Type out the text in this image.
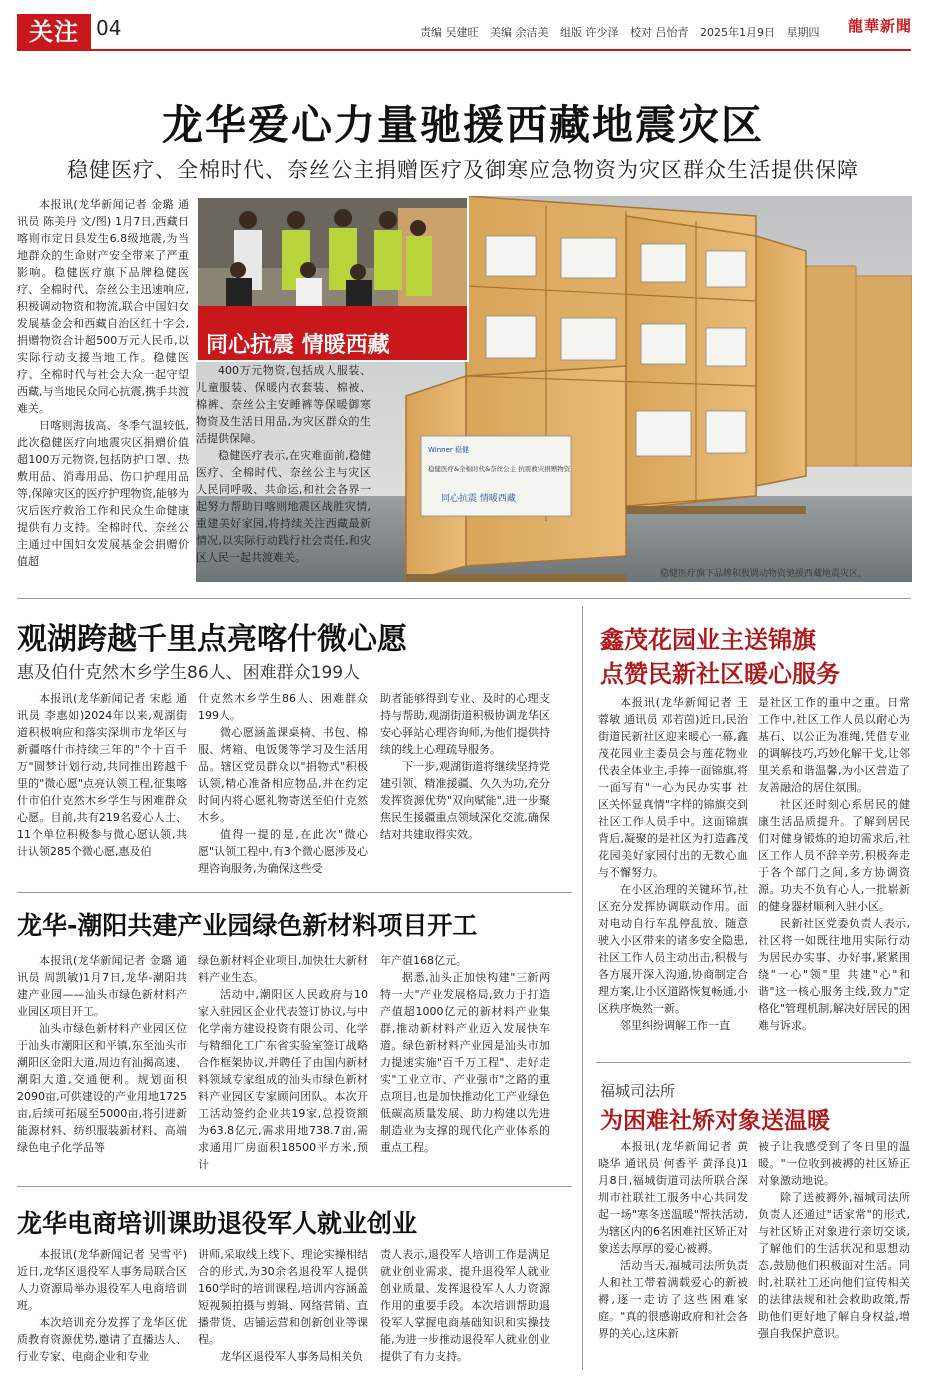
关注 04	责编 吴建旺 美编 余洁美 组版 许少泽 校对 吕怡青 2025年1月9日 星期四	龍華新聞
龙华爱心力量驰援西藏地震灾区
稳健医疗、全棉时代、奈丝公主捐赠医疗及御寒应急物资为灾区群众生活提供保障

本报讯(龙华新闻记者 金璐 通讯员 陈美丹 文/图) 1月7日,西藏日喀则市定日县发生6.8级地震,为当地群众的生命财产安全带来了严重影响。稳健医疗旗下品牌稳健医疗、全棉时代、奈丝公主迅速响应,积极调动物资和物流,联合中国妇女发展基金会和西藏自治区红十字会,捐赠物资合计超500万元人民币,以实际行动支援当地工作。稳健医疗、全棉时代与社会大众一起守望西藏,与当地民众同心抗震,携手共渡难关。

日喀则海拔高、冬季气温较低,此次稳健医疗向地震灾区捐赠价值超100万元物资,包括防护口罩、热敷用品、消毒用品、伤口护理用品等,保障灾区的医疗护理物资,能够为灾后医疗救治工作和民众生命健康提供有力支持。全棉时代、奈丝公主通过中国妇女发展基金会捐赠价值超

Winner 稳健
稳健医疗&全棉时代&奈丝公主 抗震救灾捐赠物资
同心抗震 情暖西藏
同心抗震 情暖西藏

400万元物资,包括成人服装、儿童服装、保暖内衣套装、棉被、棉裤、奈丝公主安睡裤等保暖御寒物资及生活日用品,为灾区群众的生活提供保障。

稳健医疗表示,在灾难面前,稳健医疗、全棉时代、奈丝公主与灾区人民同呼吸、共命运,和社会各界一起努力帮助日喀则地震区战胜灾情,重建美好家园,将持续关注西藏最新情况,以实际行动践行社会责任,和灾区人民一起共渡难关。

稳健医疗旗下品牌积极调动物资驰援西藏地震灾区。
观湖跨越千里点亮喀什微心愿
惠及伯什克然木乡学生86人、困难群众199人

本报讯(龙华新闻记者 宋彪 通讯员 李惠如)2024年以来,观湖街道积极响应和落实深圳市龙华区与新疆喀什市持续三年的"个十百千万"圆梦计划行动,共同推出跨越千里的"微心愿"点亮认领工程,征集喀什市伯什克然木乡学生与困难群众心愿。目前,共有219名爱心人士、11个单位积极参与微心愿认领,共计认领285个微心愿,惠及伯

什克然木乡学生86人、困难群众199人。

微心愿涵盖课桌椅、书包、棉服、烤箱、电饭煲等学习及生活用品。辖区党员群众以"捐物式"积极认领,精心准备相应物品,并在约定时间内将心愿礼物寄送至伯什克然木乡。

值得一提的是,在此次"微心愿"认领工程中,有3个微心愿涉及心理咨询服务,为确保这些受

助者能够得到专业、及时的心理支持与帮助,观湖街道积极协调龙华区安心驿站心理咨询师,为他们提供持续的线上心理疏导服务。

下一步,观湖街道将继续坚持党建引领、精准援疆、久久为功,充分发挥资源优势"双向赋能",进一步聚焦民生援疆重点领域深化交流,确保结对共建取得实效。

龙华-潮阳共建产业园绿色新材料项目开工

本报讯(龙华新闻记者 金璐 通讯员 周凯敏)1月7日,龙华-潮阳共建产业园——汕头市绿色新材料产业园区项目开工。

汕头市绿色新材料产业园区位于汕头市潮阳区和平镇,东至汕头市潮阳区金阳大道,周边有汕揭高速、潮阳大道,交通便利。规划面积2090亩,可供建设的产业用地1725亩,后续可拓展至5000亩,将引进新能源材料、纺织服装新材料、高端绿色电子化学品等

绿色新材料企业项目,加快壮大新材料产业生态。

活动中,潮阳区人民政府与10家入驻园区企业代表签订协议,与中化学南方建设投资有限公司、化学与精细化工广东省实验室签订战略合作框架协议,并聘任了由国内新材料领域专家组成的汕头市绿色新材料产业园区专家顾问团队。本次开工活动签约企业共19家,总投资额为63.8亿元,需求用地738.7亩,需求通用厂房面积18500平方米,预计

年产值168亿元。

据悉,汕头正加快构建"三新两特一大"产业发展格局,致力于打造产值超1000亿元的新材料产业集群,推动新材料产业迈入发展快车道。绿色新材料产业园是汕头市加力提速实施"百千万工程"、走好走实"工业立市、产业强市"之路的重点项目,也是加快推动化工产业绿色低碳高质量发展、助力构建以先进制造业为支撑的现代化产业体系的重点工程。

龙华电商培训课助退役军人就业创业

本报讯(龙华新闻记者 吴雪平)近日,龙华区退役军人事务局联合区人力资源局举办退役军人电商培训班。

本次培训充分发挥了龙华区优质教育资源优势,邀请了直播达人、行业专家、电商企业和专业

讲师,采取线上线下、理论实操相结合的形式,为30余名退役军人提供160学时的培训课程,培训内容涵盖短视频拍摄与剪辑、网络营销、直播带货、店铺运营和创新创业等课程。

龙华区退役军人事务局相关负

责人表示,退役军人培训工作是满足就业创业需求、提升退役军人就业创业质量、发挥退役军人人力资源作用的重要手段。本次培训帮助退役军人掌握电商基础知识和实操技能,为进一步推动退役军人就业创业提供了有力支持。

鑫茂花园业主送锦旗
点赞民新社区暖心服务

本报讯(龙华新闻记者 王蓉敏 通讯员 邓若茵)近日,民治街道民新社区迎来暖心一幕,鑫茂花园业主委员会与莲花物业代表全体业主,手捧一面锦旗,将一面写有"一心为民办实事 社区关怀显真情"字样的锦旗交到社区工作人员手中。这面锦旗背后,凝聚的是社区为打造鑫茂花园美好家园付出的无数心血与不懈努力。

在小区治理的关键环节,社区充分发挥协调联动作用。面对电动自行车乱停乱放、随意驶入小区带来的诸多安全隐患,社区工作人员主动出击,积极与各方展开深入沟通,协商制定合理方案,让小区道路恢复畅通,小区秩序焕然一新。

邻里纠纷调解工作一直

是社区工作的重中之重。日常工作中,社区工作人员以耐心为基石、以公正为准绳,凭借专业的调解技巧,巧妙化解干戈,让邻里关系和谐温馨,为小区营造了友善融洽的居住氛围。

社区还时刻心系居民的健康生活品质提升。了解到居民们对健身锻炼的迫切需求后,社区工作人员不辞辛劳,积极奔走于各个部门之间,多方协调资源。功夫不负有心人,一批崭新的健身器材顺利入驻小区。

民新社区党委负责人表示,社区将一如既往地用实际行动为居民办实事、办好事,紧紧围绕"一心"领"里 共建"心"和谐"这一核心服务主线,致力"定格化"管理机制,解决好居民的困难与诉求。

福城司法所
为困难社矫对象送温暖

本报讯(龙华新闻记者 黄晓华 通讯员 何香平 黄泽良)1月8日,福城街道司法所联合深圳市社联社工服务中心共同发起一场"寒冬送温暖"帮扶活动,为辖区内的6名困难社区矫正对象送去厚厚的爱心被褥。

活动当天,福城司法所负责人和社工带着满载爱心的新被褥,逐一走访了这些困难家庭。"真的很感谢政府和社会各界的关心,这床新

被子让我感受到了冬日里的温暖。"一位收到被褥的社区矫正对象激动地说。

除了送被褥外,福城司法所负责人还通过"话家常"的形式,与社区矫正对象进行亲切交谈,了解他们的生活状况和思想动态,鼓励他们积极面对生活。同时,社联社工还向他们宣传相关的法律法规和社会救助政策,帮助他们更好地了解自身权益,增强自我保护意识。
